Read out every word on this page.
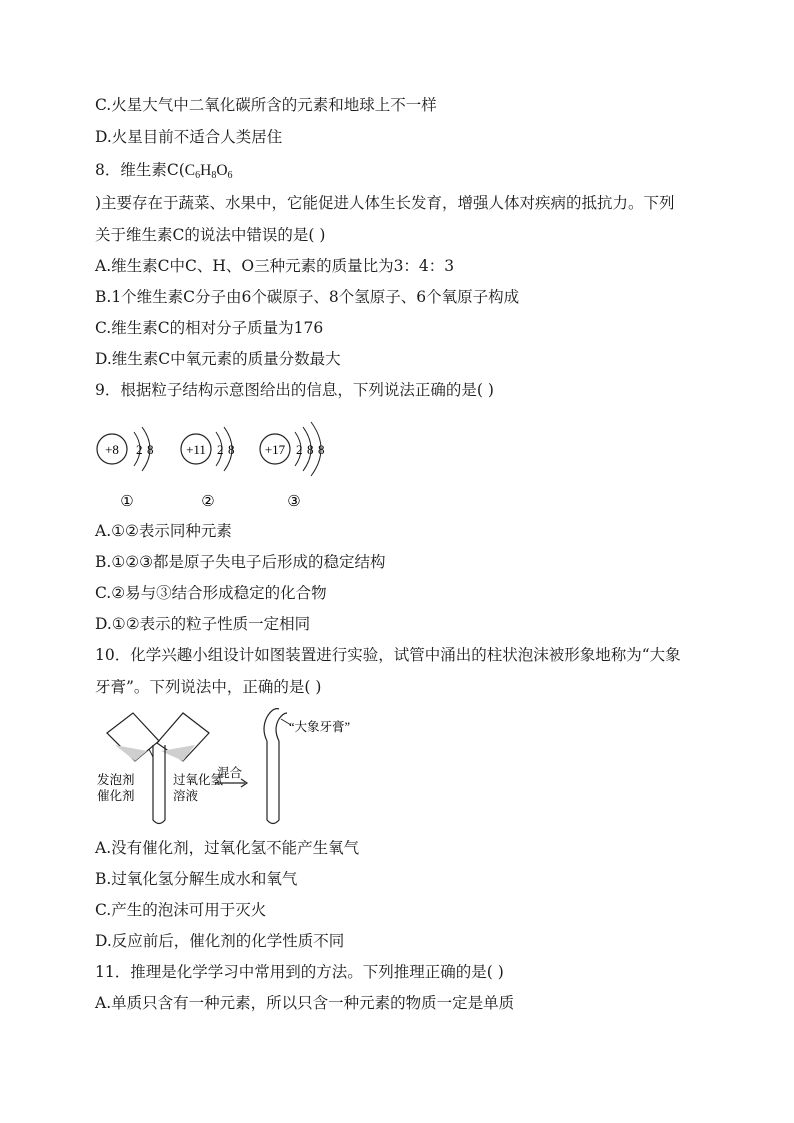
C.火星大气中二氧化碳所含的元素和地球上不一样
D.火星目前不适合人类居住
8．维生素$C(C_6H_8O_6$
)主要存在于蔬菜、水果中，它能促进人体生长发育，增强人体对疾病的抵抗力。下列
关于维生素C的说法中错误的是( )
A.维生素C中C、H、O三种元素的质量比为3：4：3
B.1个维生素C分子由6个碳原子、8个氢原子、6个氧原子构成
C.维生素C的相对分子质量为176
D.维生素C中氧元素的质量分数最大
9．根据粒子结构示意图给出的信息，下列说法正确的是( )
+8 2 8
①
+11 2 8
②
+17 2 8 8
③
A.①②表示同种元素
B.①②③都是原子失电子后形成的稳定结构
C.②易与③结合形成稳定的化合物
D.①②表示的粒子性质一定相同
10．化学兴趣小组设计如图装置进行实验，试管中涌出的柱状泡沫被形象地称为“大象
牙膏”。下列说法中，正确的是( )
发泡剂
催化剂
过氧化氢
溶液
混合
“大象牙膏”
A.没有催化剂，过氧化氢不能产生氧气
B.过氧化氢分解生成水和氧气
C.产生的泡沫可用于灭火
D.反应前后，催化剂的化学性质不同
11．推理是化学学习中常用到的方法。下列推理正确的是( )
A.单质只含有一种元素，所以只含一种元素的物质一定是单质
